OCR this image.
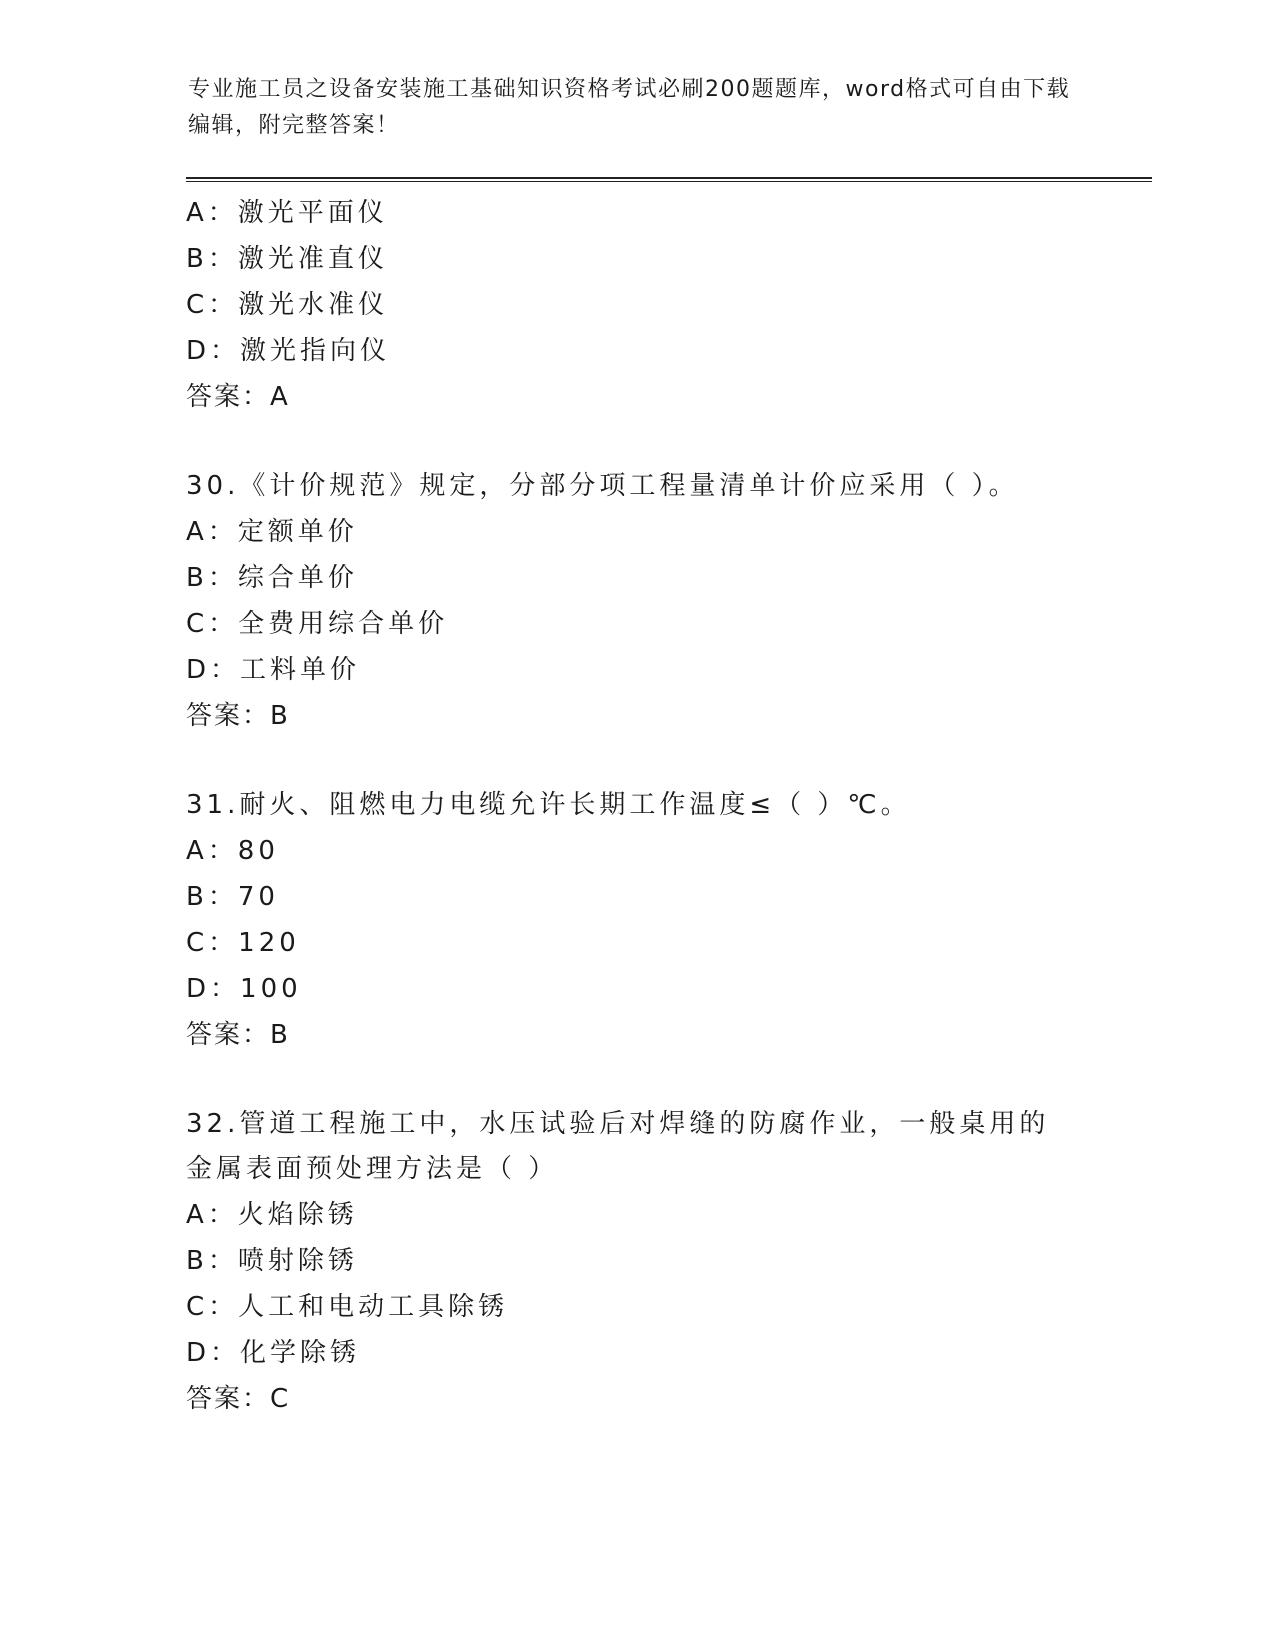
专业施工员之设备安装施工基础知识资格考试必刷200题题库，word格式可自由下载编辑，附完整答案！
A：激光平面仪
B：激光准直仪
C：激光水准仪
D：激光指向仪
答案：A
30.《计价规范》规定，分部分项工程量清单计价应采用（ ）。
A：定额单价
B：综合单价
C：全费用综合单价
D：工料单价
答案：B
31.耐火、阻燃电力电缆允许长期工作温度≤（ ）℃。
A：80
B：70
C：120
D：100
答案：B
32.管道工程施工中，水压试验后对焊缝的防腐作业，一般桌用的金属表面预处理方法是（ ）
A：火焰除锈
B：喷射除锈
C：人工和电动工具除锈
D：化学除锈
答案：C
